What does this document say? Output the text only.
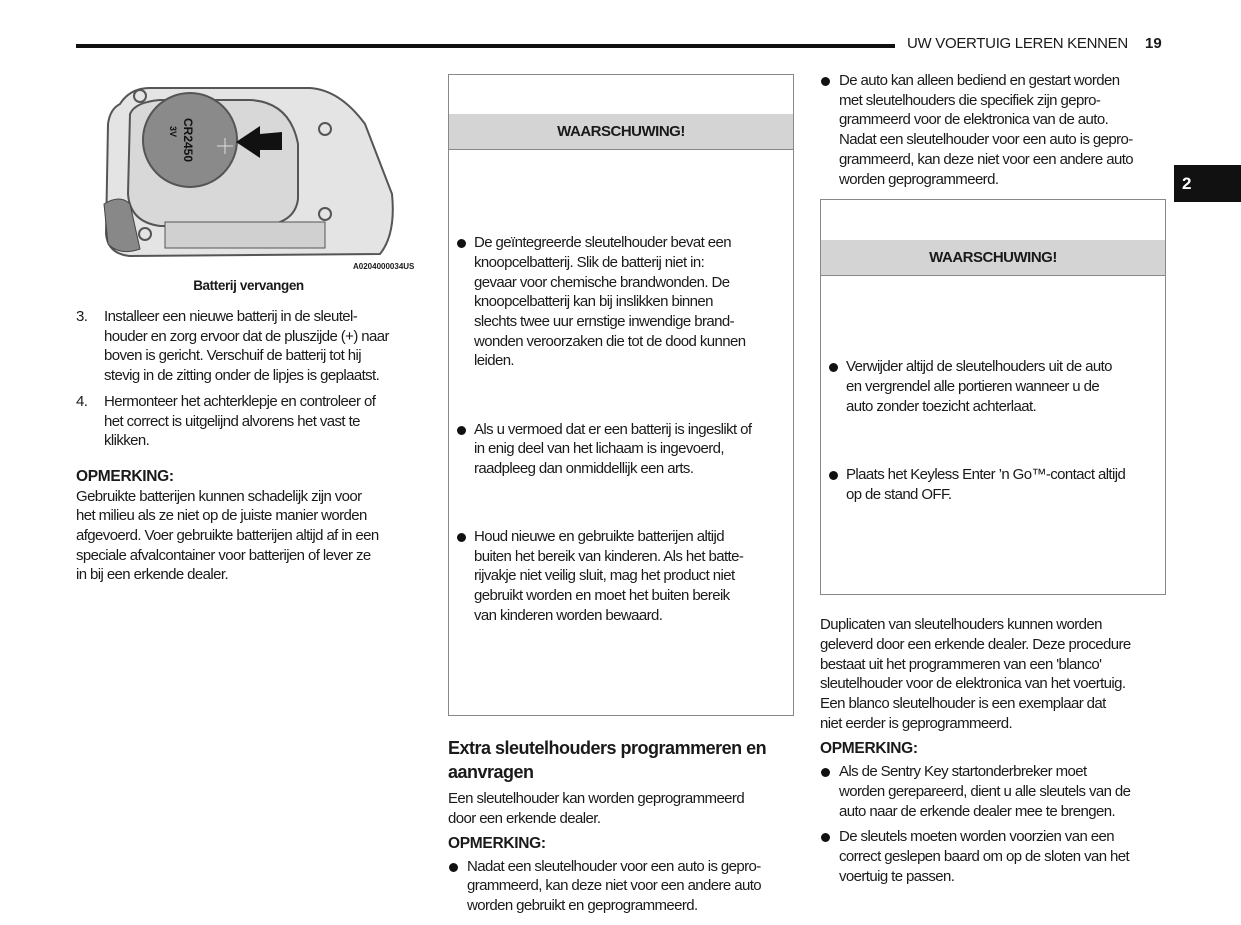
UW VOERTUIG LEREN KENNEN 19
2
CR2450
3V
A0204000034US
Batterij vervangen
3. Installeer een nieuwe batterij in de sleutel-
houder en zorg ervoor dat de pluszijde (+) naar
boven is gericht. Verschuif de batterij tot hij
stevig in de zitting onder de lipjes is geplaatst.
4. Hermonteer het achterklepje en controleer of
het correct is uitgelijnd alvorens het vast te
klikken.
OPMERKING:
Gebruikte batterijen kunnen schadelijk zijn voor
het milieu als ze niet op de juiste manier worden
afgevoerd. Voer gebruikte batterijen altijd af in een
speciale afvalcontainer voor batterijen of lever ze
in bij een erkende dealer.

WAARSCHUWING!

De geïntegreerde sleutelhouder bevat een
knoopcelbatterij. Slik de batterij niet in:
gevaar voor chemische brandwonden. De
knoopcelbatterij kan bij inslikken binnen
slechts twee uur ernstige inwendige brand-
wonden veroorzaken die tot de dood kunnen
leiden.

Als u vermoed dat er een batterij is ingeslikt of
in enig deel van het lichaam is ingevoerd,
raadpleeg dan onmiddellijk een arts.

Houd nieuwe en gebruikte batterijen altijd
buiten het bereik van kinderen. Als het batte-
rijvakje niet veilig sluit, mag het product niet
gebruikt worden en moet het buiten bereik
van kinderen worden bewaard.

Extra sleutelhouders programmeren en
aanvragen
Een sleutelhouder kan worden geprogrammeerd
door een erkende dealer.
OPMERKING:
Nadat een sleutelhouder voor een auto is gepro-
grammeerd, kan deze niet voor een andere auto
worden gebruikt en geprogrammeerd.
De auto kan alleen bediend en gestart worden
met sleutelhouders die specifiek zijn gepro-
grammeerd voor de elektronica van de auto.
Nadat een sleutelhouder voor een auto is gepro-
grammeerd, kan deze niet voor een andere auto
worden geprogrammeerd.

WAARSCHUWING!

Verwijder altijd de sleutelhouders uit de auto
en vergrendel alle portieren wanneer u de
auto zonder toezicht achterlaat.

Plaats het Keyless Enter ’n Go™-contact altijd
op de stand OFF.

Duplicaten van sleutelhouders kunnen worden
geleverd door een erkende dealer. Deze procedure
bestaat uit het programmeren van een 'blanco'
sleutelhouder voor de elektronica van het voertuig.
Een blanco sleutelhouder is een exemplaar dat
niet eerder is geprogrammeerd.
OPMERKING:
Als de Sentry Key startonderbreker moet
worden gerepareerd, dient u alle sleutels van de
auto naar de erkende dealer mee te brengen.
De sleutels moeten worden voorzien van een
correct geslepen baard om op de sloten van het
voertuig te passen.
